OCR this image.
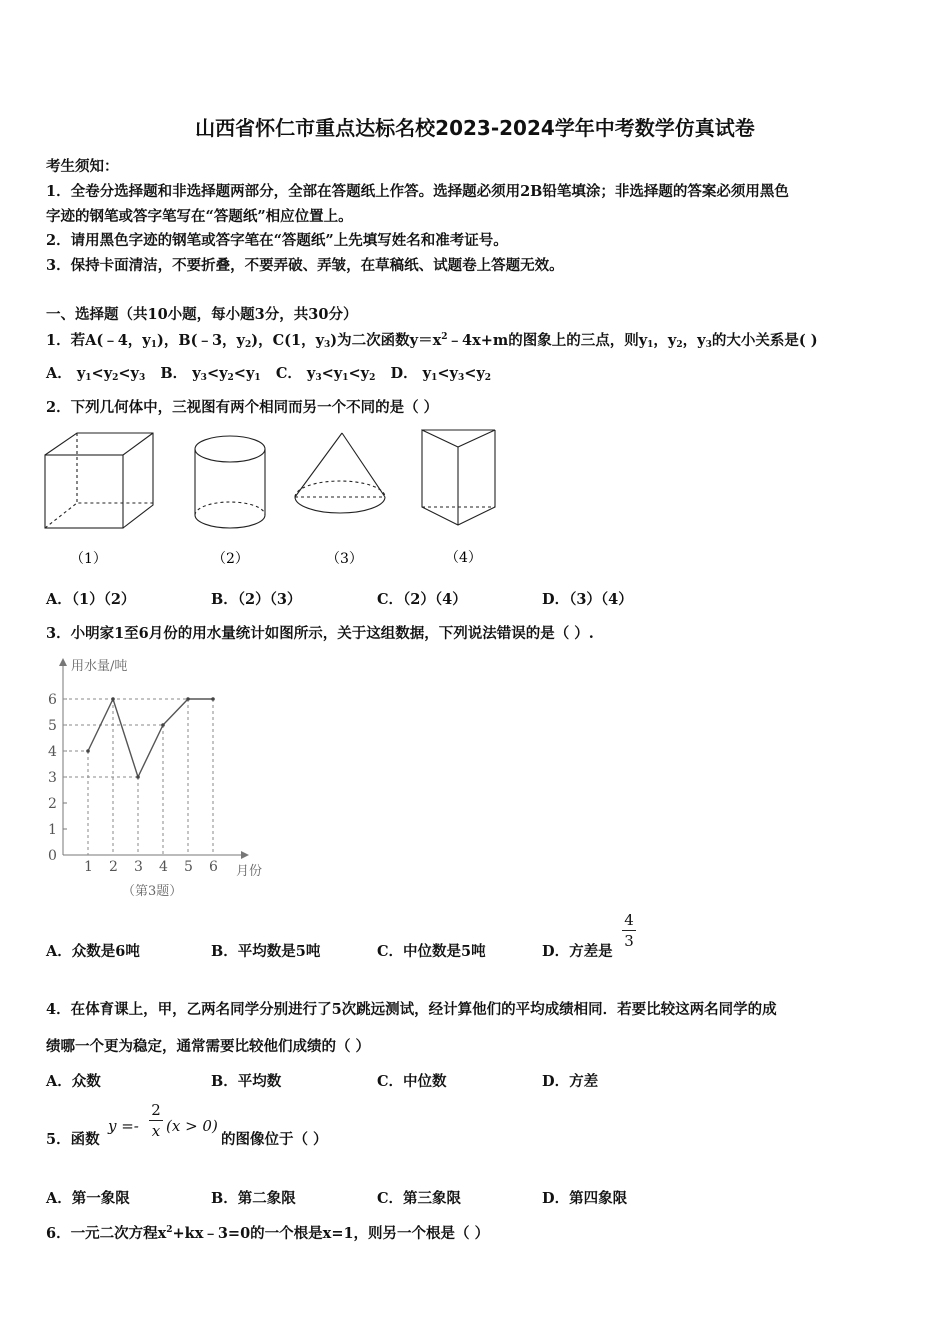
山西省怀仁市重点达标名校2023-2024学年中考数学仿真试卷
考生须知：
1．全卷分选择题和非选择题两部分，全部在答题纸上作答。选择题必须用2B铅笔填涂；非选择题的答案必须用黑色
字迹的钢笔或答字笔写在“答题纸”相应位置上。
2．请用黑色字迹的钢笔或答字笔在“答题纸”上先填写姓名和准考证号。
3．保持卡面清洁，不要折叠，不要弄破、弄皱，在草稿纸、试题卷上答题无效。
一、选择题（共10小题，每小题3分，共30分）
1．若A(﹣4，$y_1$)，B(﹣3，$y_2$)，C(1，$y_3$)为二次函数$y=x^2﹣4x+m$的图象上的三点，则$y_1$，$y_2$，$y_3$的大小关系是( )
A． $y_1<y_2<y_3$ B． $y_3<y_2<y_1$ C． $y_3<y_1<y_2$ D． $y_1<y_3<y_2$
2．下列几何体中，三视图有两个相同而另一个不同的是（ ）
（1）	（2）	（3）	（4）
A．（1）（2）	B．（2）（3）	C．（2）（4）	D．（3）（4）
3．小明家1至6月份的用水量统计如图所示，关于这组数据，下列说法错误的是（ ）.
0
1
2
3
4
5
6
1 2 3 4 5 6
用水量/吨
月份
（第3题）
A．众数是6吨	B．平均数是5吨	C．中位数是5吨	D．方差是
4
3
4．在体育课上，甲，乙两名同学分别进行了5次跳远测试，经计算他们的平均成绩相同．若要比较这两名同学的成
绩哪一个更为稳定，通常需要比较他们成绩的（ ）
A．众数	B．平均数	C．中位数	D．方差
5．函数
y =-
2
x (x > 0)
的图像位于（ ）
A．第一象限	B．第二象限	C．第三象限	D．第四象限
6．一元二次方程$x^2+kx﹣3=0$的一个根是x=1，则另一个根是（ ）
